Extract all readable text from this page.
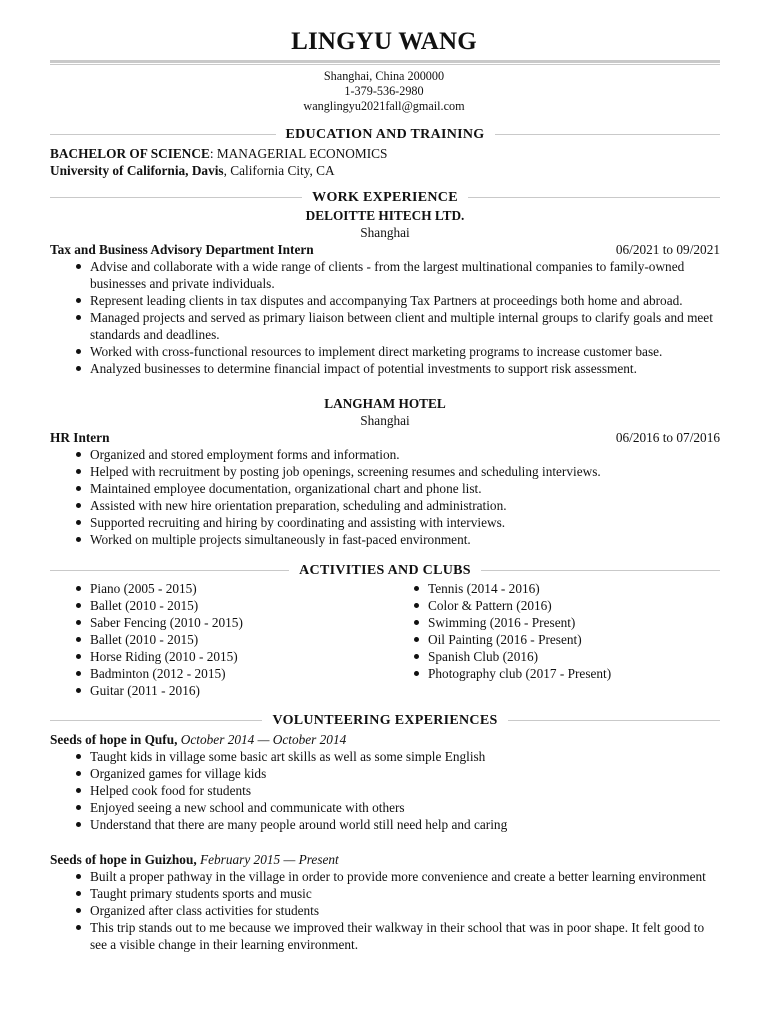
LINGYU WANG
Shanghai, China 200000
1-379-536-2980
wanglingyu2021fall@gmail.com
EDUCATION AND TRAINING
BACHELOR OF SCIENCE: MANAGERIAL ECONOMICS
University of California, Davis, California City, CA
WORK EXPERIENCE
DELOITTE HITECH LTD.
Shanghai
Tax and Business Advisory Department Intern	06/2021 to 09/2021
Advise and collaborate with a wide range of clients - from the largest multinational companies to family-owned businesses and private individuals.
Represent leading clients in tax disputes and accompanying Tax Partners at proceedings both home and abroad.
Managed projects and served as primary liaison between client and multiple internal groups to clarify goals and meet standards and deadlines.
Worked with cross-functional resources to implement direct marketing programs to increase customer base.
Analyzed businesses to determine financial impact of potential investments to support risk assessment.
LANGHAM HOTEL
Shanghai
HR Intern	06/2016 to 07/2016
Organized and stored employment forms and information.
Helped with recruitment by posting job openings, screening resumes and scheduling interviews.
Maintained employee documentation, organizational chart and phone list.
Assisted with new hire orientation preparation, scheduling and administration.
Supported recruiting and hiring by coordinating and assisting with interviews.
Worked on multiple projects simultaneously in fast-paced environment.
ACTIVITIES AND CLUBS
Piano (2005 - 2015)
Ballet (2010 - 2015)
Saber Fencing (2010 - 2015)
Ballet (2010 - 2015)
Horse Riding (2010 - 2015)
Badminton (2012 - 2015)
Guitar (2011 - 2016)
Tennis (2014 - 2016)
Color & Pattern (2016)
Swimming (2016 - Present)
Oil Painting (2016 - Present)
Spanish Club (2016)
Photography club (2017 - Present)
VOLUNTEERING EXPERIENCES
Seeds of hope in Qufu, October 2014 — October 2014
Taught kids in village some basic art skills as well as some simple English
Organized games for village kids
Helped cook food for students
Enjoyed seeing a new school and communicate with others
Understand that there are many people around world still need help and caring
Seeds of hope in Guizhou, February 2015 — Present
Built a proper pathway in the village in order to provide more convenience and create a better learning environment
Taught primary students sports and music
Organized after class activities for students
This trip stands out to me because we improved their walkway in their school that was in poor shape. It felt good to see a visible change in their learning environment.
